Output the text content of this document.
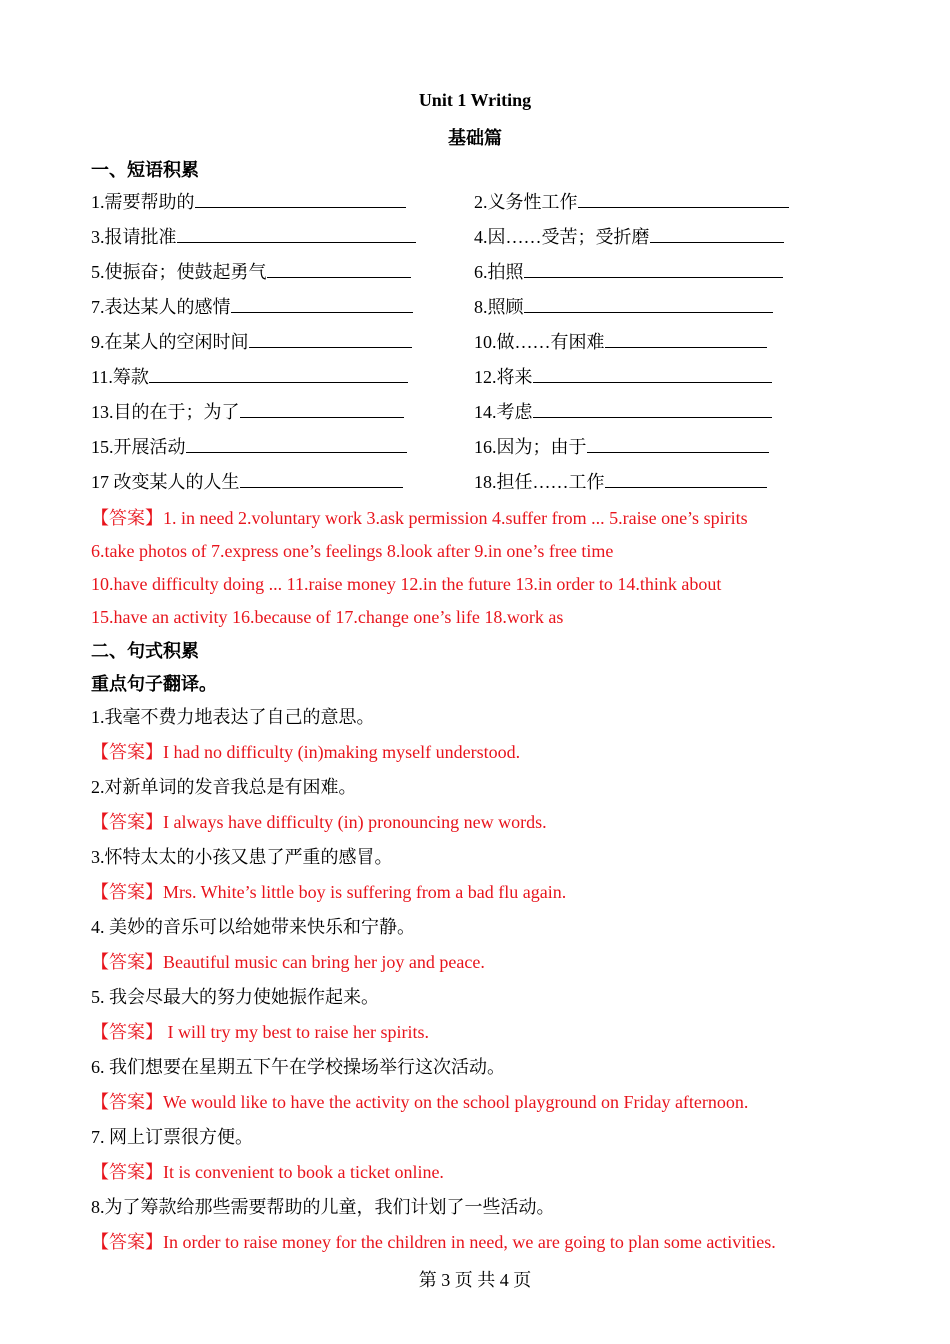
Unit 1 Writing
基础篇
一、短语积累
1.需要帮助的	2.义务性工作
3.报请批准	4.因……受苦；受折磨
5.使振奋；使鼓起勇气	6.拍照
7.表达某人的感情	8.照顾
9.在某人的空闲时间	10.做……有困难
11.筹款	12.将来
13.目的在于；为了	14.考虑
15.开展活动	16.因为；由于
17 改变某人的人生	18.担任……工作
【答案】1. in need 2.voluntary work 3.ask permission 4.suffer from ... 5.raise one’s spirits
6.take photos of 7.express one’s feelings 8.look after 9.in one’s free time
10.have difficulty doing ... 11.raise money 12.in the future 13.in order to 14.think about
15.have an activity 16.because of 17.change one’s life 18.work as
二、句式积累
重点句子翻译。
1.我毫不费力地表达了自己的意思。
【答案】I had no difficulty (in)making myself understood.
2.对新单词的发音我总是有困难。
【答案】I always have difficulty (in) pronouncing new words.
3.怀特太太的小孩又患了严重的感冒。
【答案】Mrs. White’s little boy is suffering from a bad flu again.
4. 美妙的音乐可以给她带来快乐和宁静。
【答案】Beautiful music can bring her joy and peace.
5. 我会尽最大的努力使她振作起来。
【答案】 I will try my best to raise her spirits.
6. 我们想要在星期五下午在学校操场举行这次活动。
【答案】We would like to have the activity on the school playground on Friday afternoon.
7. 网上订票很方便。
【答案】It is convenient to book a ticket online.
8.为了筹款给那些需要帮助的儿童，我们计划了一些活动。
【答案】In order to raise money for the children in need, we are going to plan some activities.
第 3 页 共 4 页
